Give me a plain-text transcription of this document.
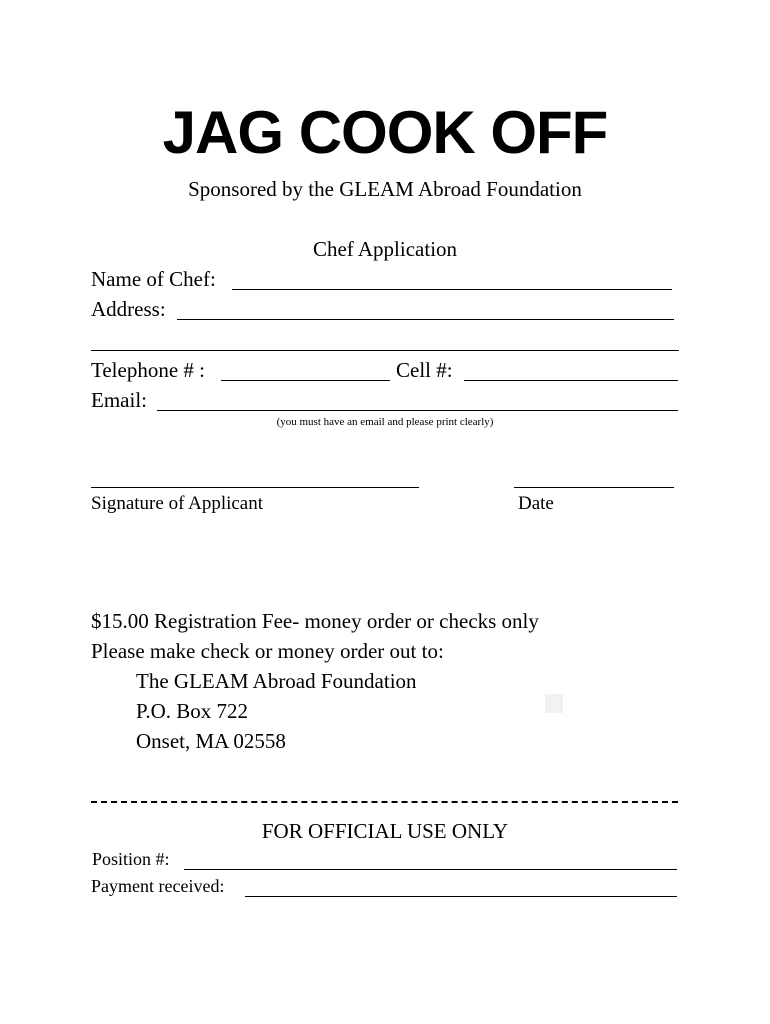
JAG COOK OFF
Sponsored by the GLEAM Abroad Foundation
Chef Application
Name of Chef:
Address:
Telephone # :	Cell #:
Email:
(you must have an email and please print clearly)
Signature of Applicant	Date
$15.00 Registration Fee- money order or checks only
Please make check or money order out to:
The GLEAM Abroad Foundation
P.O. Box 722
Onset, MA 02558
FOR OFFICIAL USE ONLY
Position #:
Payment received:
